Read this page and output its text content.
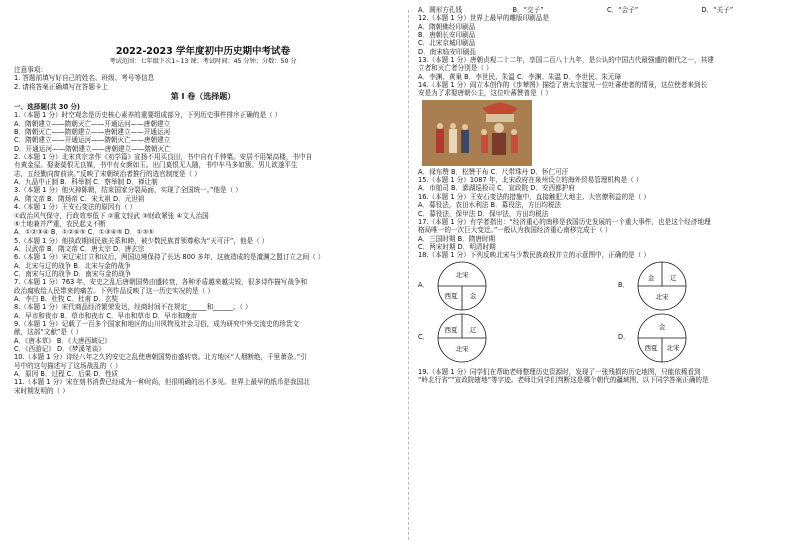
2022-2023 学年度初中历史期中考试卷
考试范围：七年级下次1~13 课；考试时间：45 分钟；分数：50 分
注意事项：
1. 答题前填写好自己的姓名、班级、考号等信息
2. 请将答案正确填写在答题卡上
第 I 卷（选择题）
一、选择题(共 30 分)
1.（本题 1 分）时空观念是历史核心素养的重要组成部分，下列历史事件排序正确的是（ ）
A．隋朝建立——隋朝灭亡——开通运河——唐朝建立
B．隋朝灭亡——隋朝建立——唐朝建立——开通运河
C．隋朝建立——开通运河——隋朝灭亡——唐朝建立
D．开通运河——隋朝建立——唐朝建立——隋朝灭亡
2.（本题 1 分）北宋真宗亲作《劝学篇》宣扬不用买良田，书中自有千钟粟。安居不用架高楼，书中自
有黄金屋。娶妻莫恨无良媒，书中有女颜如玉。出门莫恨无人随，书中车马多如簇。男儿欲遂平生
志，五经勤向窗前读。”反映了宋朝统治者推行的选官制度是（ ）
A．九品中正制 B．科举制 C．察举制 D．禅让制
3.（本题 1 分）他灭掉陈朝，结束国家分裂局面，实现了全国统一。”他是（ ）
A．隋文帝 B．隋炀帝 C．宋太祖 D．元世祖
4.（本题 1 分）王安石变法的原因有（ ）
①政治风气保守，行政效率低下 ②重文轻武 ③财政紧张 ④文人治国
⑤土地兼并严重，农民起义不断
A．①②③④ B．①②④⑤ C．①③④⑤ D．①③⑤
5.（本题 1 分）他执政期间民族关系和睦，被少数民族首领尊称为“天可汗”，他是（ ）
A．汉武帝 B．隋文帝 C．唐太宗 D．唐玄宗
6.（本题 1 分）宋辽宋订立和议后，两国边境保持了长达 800 多年，这就造成的是澶渊之盟订立之间（ ）
A．北宋与辽的战争 B．北宋与金的战争
C．南宋与辽的战争 D．南宋与金的战争
7.（本题 1 分）763 年，安史之乱后唐朝国势由盛转衰，各种矛盾越来越尖锐，很多诗作描写战争和
政治腐败给人民带来的痛苦。下列作品反映了这一历史实况的是（ ）
A．李白 B．杜牧 C．杜甫 D．玄奘
8.（本题 1 分）宋代商品经济繁荣发达，经商时间不在规定______和______。（ ）
A．早市和夜市 B．草市和夜市 C．早市和草市 D．早市和晚市
9.（本题 1 分）记载了一百多个国家和地区的山川风物及社会习俗，成为研究中外交流史的珍贵文
献，这部“文献”是（ ）
A．《唐本草》 B．《大唐西域记》
C．《西游记》 D．《梦溪笔谈》
10.（本题 1 分）诗经八年之久的安史之乱使唐朝国势由盛转衰。北方地区“人烟断绝，千里萧条。”引
号中的这句描述写了这场战乱的（ ）
A．原因 B．过程 C．后果 D．性质
11.（本题 1 分）宋在刻书消费已经成为一种时尚，但很明确的出不多见。世界上最早的纸币是我国北
宋时期发明的（ ）
A．圆形方孔钱	B．“交子”	C．“会子”	D．“关子”
12.（本题 1 分）世界上最早的雕版印刷品是
A．隋朝佛经印刷品
B．唐朝长安印刷品
C．北宋京城印刷品
D．南宋临安印刷品
13.（本题 1 分）唐朝贞观二十二年，享国二百八十九年，是公认的中国古代最强盛的朝代之一，其建
立者和灭亡者分别是（ ）
A．李渊、黄巢 B．李世民、朱温 C．李渊、朱温 D．李世民、朱元璋
14.（本题 1 分）阎立本创作的《步辇图》描绘了唐太宗接见一位吐蕃使者的情景，这位使者来到长
安是为了求娶唐朝公主，这位吐蕃赞普是（ ）
A．禄东赞 B．松赞干布 C．尺带珠丹 D．怀仁可汗
15.（本题 1 分）1087 年，北宋政府在泉州设立的海外贸易管理机构是（ ）
A．市舶司 B．澎湖巡检司 C．宣政院 D．安西都护府
16.（本题 1 分）王安石变法的措施中，直接触犯大地主、大官僚利益的是（ ）
A．募役法，农田水利法 B．募役法，方田均税法
C．募役法，保甲法 D．保甲法，方田均税法
17.（本题 1 分）有学者指出：“经济重心的南移是我国历史发展的一个重大事件，也是这个经济地理
格局唯一的一次巨大变迁。”一般认为我国经济重心南移完成于（ ）
A．三国时期 B．隋唐时期
C．两宋时期 D．明清时期
18.（本题 1 分）下列反映北宋与少数民族政权并立的示意图中，正确的是（ ）
A．
北宋
西夏 金
B．
金 辽
北宋
C．
西夏 辽
北宋
D．
金
北宋
西夏
19.（本题 1 分）同学们在帮助老师整理历史资源时，发现了一张残损的历史地图，只能依稀看到
“岭北行省”“宣政院辖地”等字迹。老师让同学们判断这是哪个朝代的疆域图，以下同学答案正确的是
